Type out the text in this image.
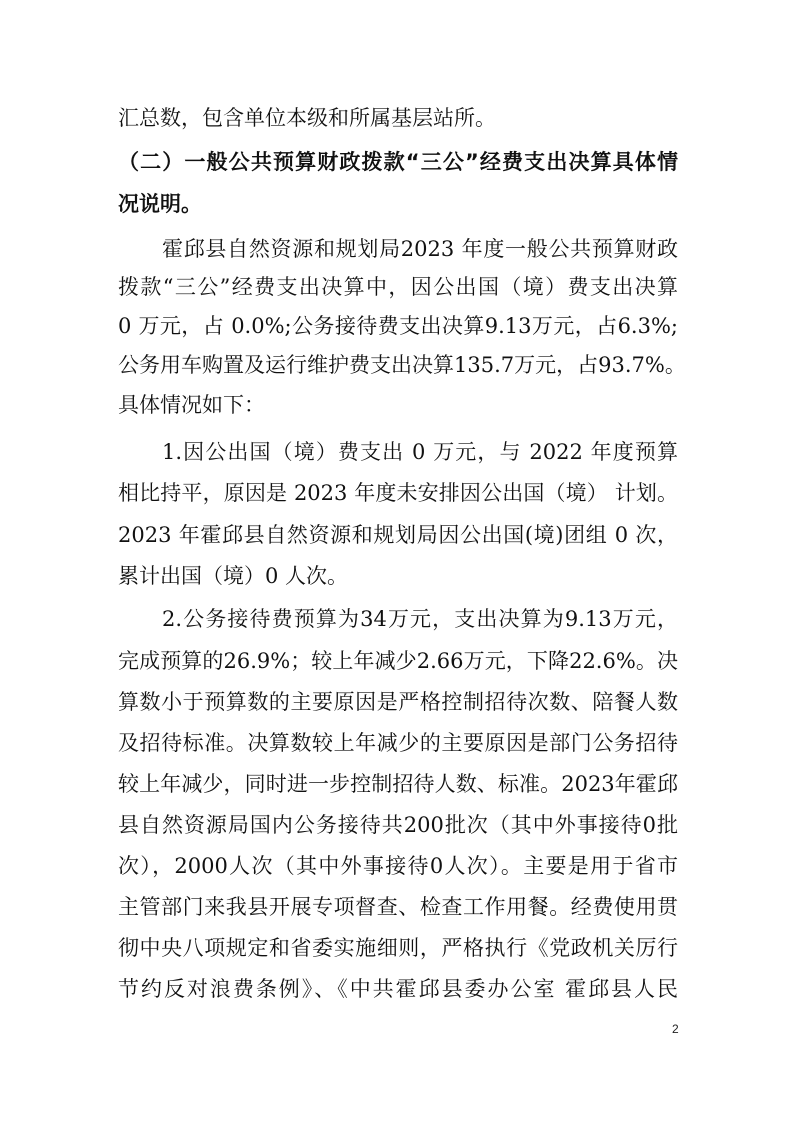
汇总数，包含单位本级和所属基层站所。
（二）一般公共预算财政拨款“三公”经费支出决算具体情
况说明。
霍邱县自然资源和规划局2023 年度一般公共预算财政
拨款“三公”经费支出决算中，因公出国（境）费支出决算
0 万元，占 0.0%;公务接待费支出决算9.13万元，占6.3%;
公务用车购置及运行维护费支出决算135.7万元，占93.7%。
具体情况如下：
1.因公出国（境）费支出 0 万元，与 2022 年度预算
相比持平，原因是 2023 年度未安排因公出国（境） 计划。
2023 年霍邱县自然资源和规划局因公出国(境)团组 0 次，
累计出国（境）0 人次。
2.公务接待费预算为34万元，支出决算为9.13万元，
完成预算的26.9%；较上年减少2.66万元，下降22.6%。决
算数小于预算数的主要原因是严格控制招待次数、陪餐人数
及招待标准。决算数较上年减少的主要原因是部门公务招待
较上年减少，同时进一步控制招待人数、标准。2023年霍邱
县自然资源局国内公务接待共200批次（其中外事接待0批
次），2000人次（其中外事接待0人次）。主要是用于省市
主管部门来我县开展专项督查、检查工作用餐。经费使用贯
彻中央八项规定和省委实施细则，严格执行《党政机关厉行
节约反对浪费条例》、《中共霍邱县委办公室 霍邱县人民
2
